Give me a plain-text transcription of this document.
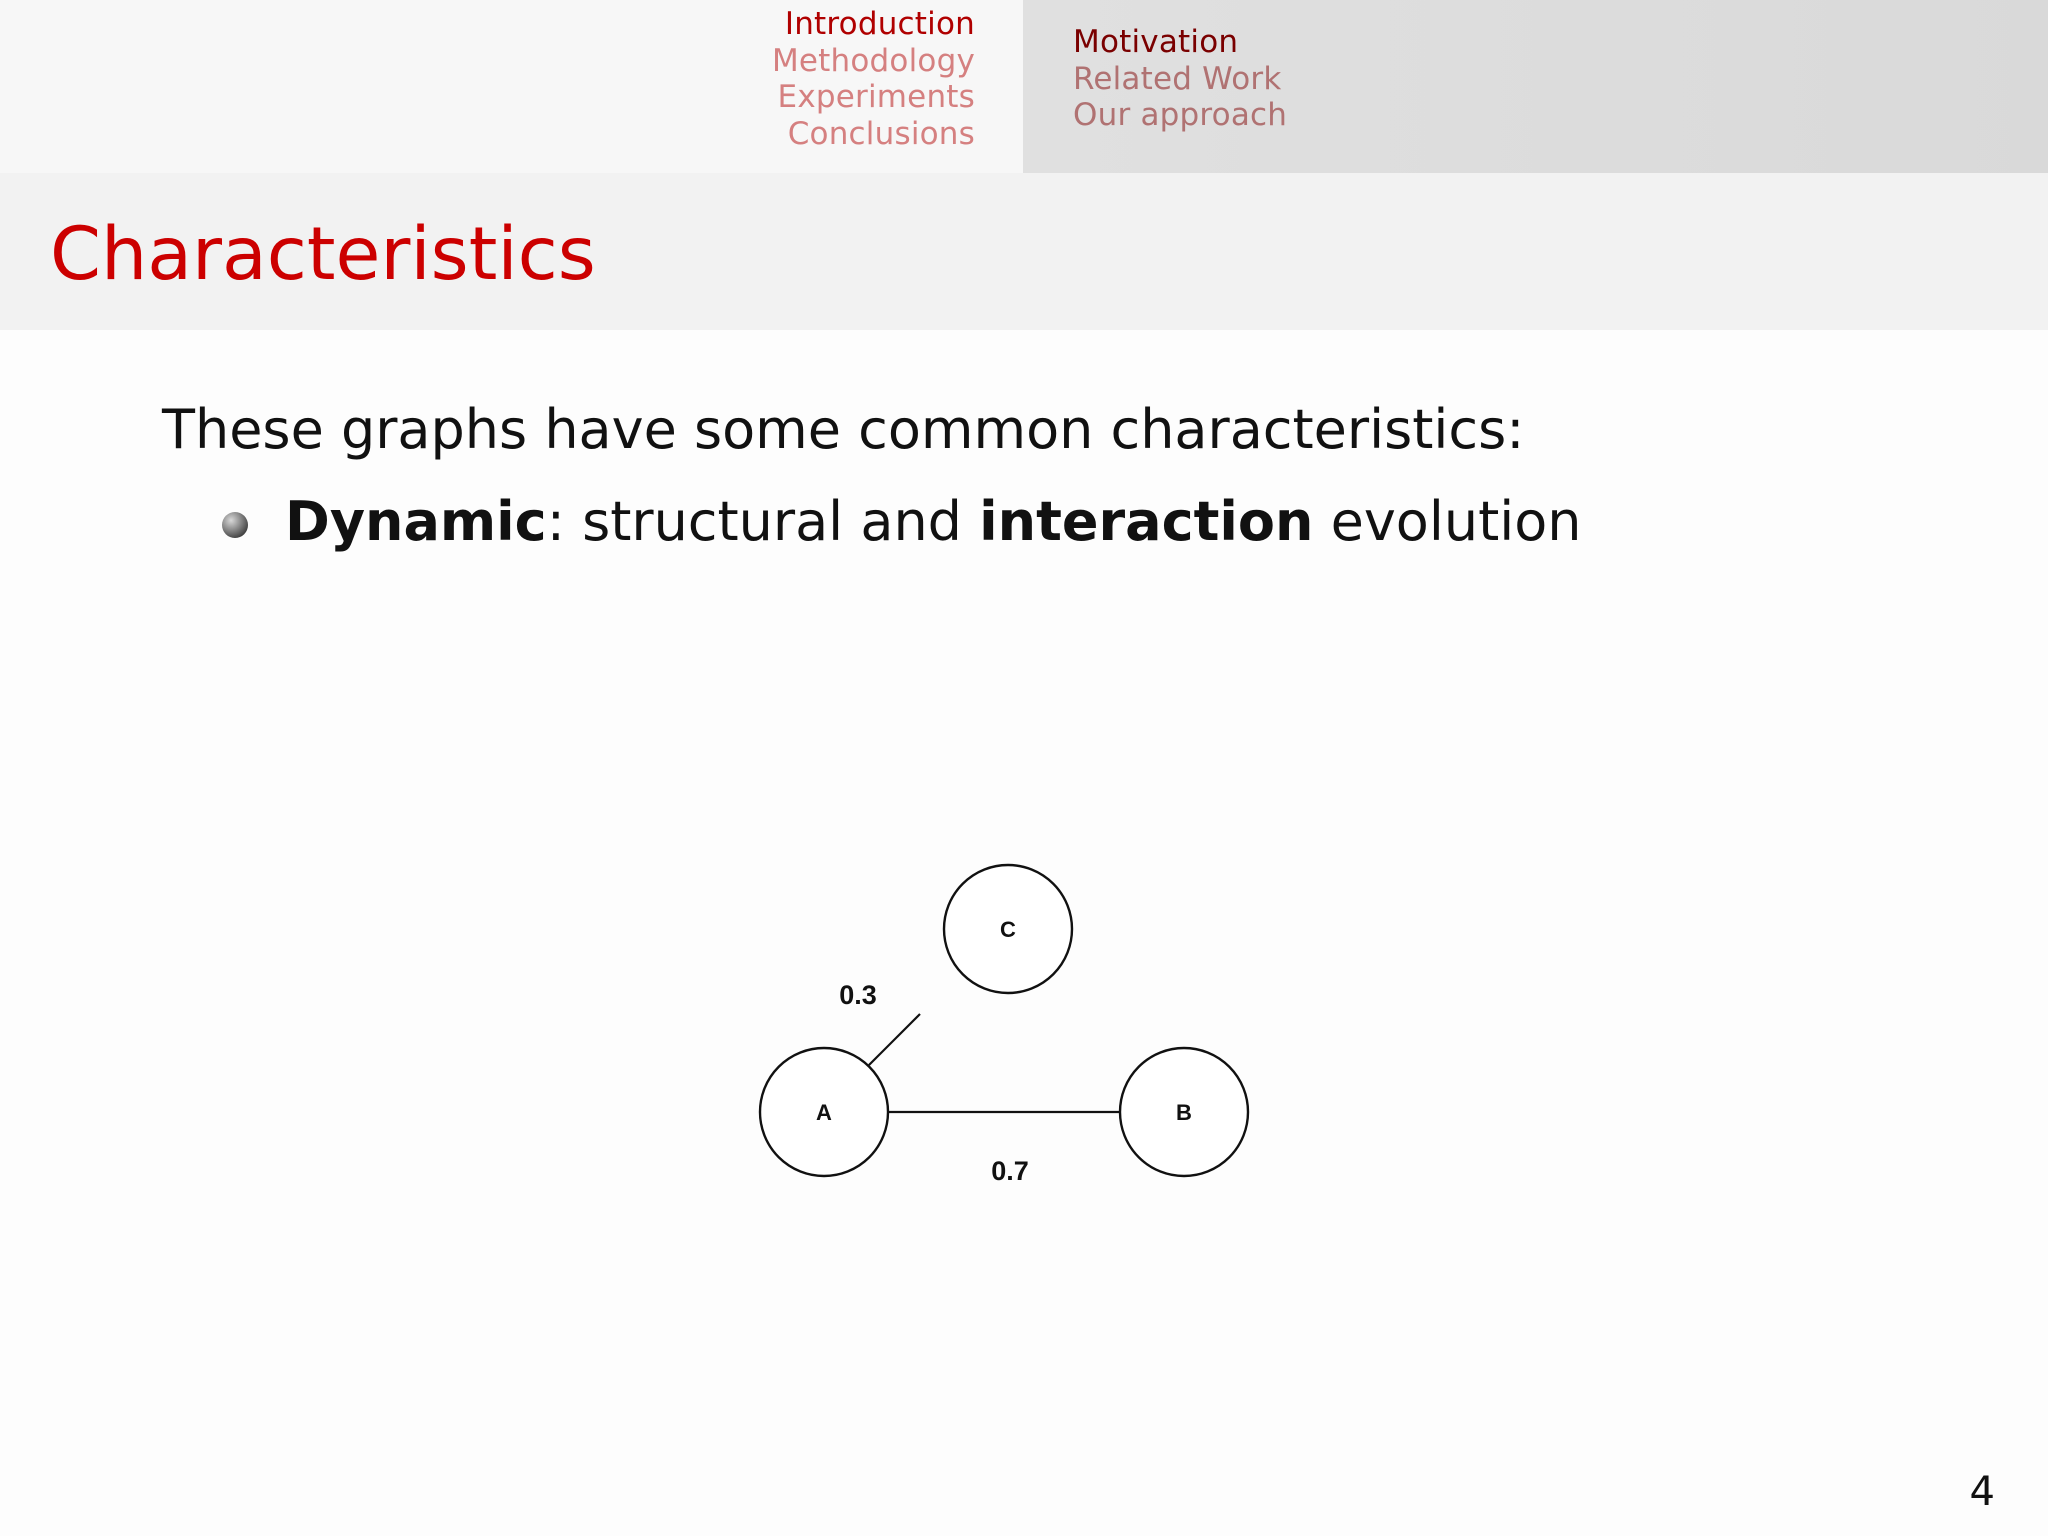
Introduction
Methodology
Experiments
Conclusions
Motivation
Related Work
Our approach
Characteristics
These graphs have some common characteristics:
Dynamic: structural and interaction evolution
C
A	B
0.3
0.7
4
